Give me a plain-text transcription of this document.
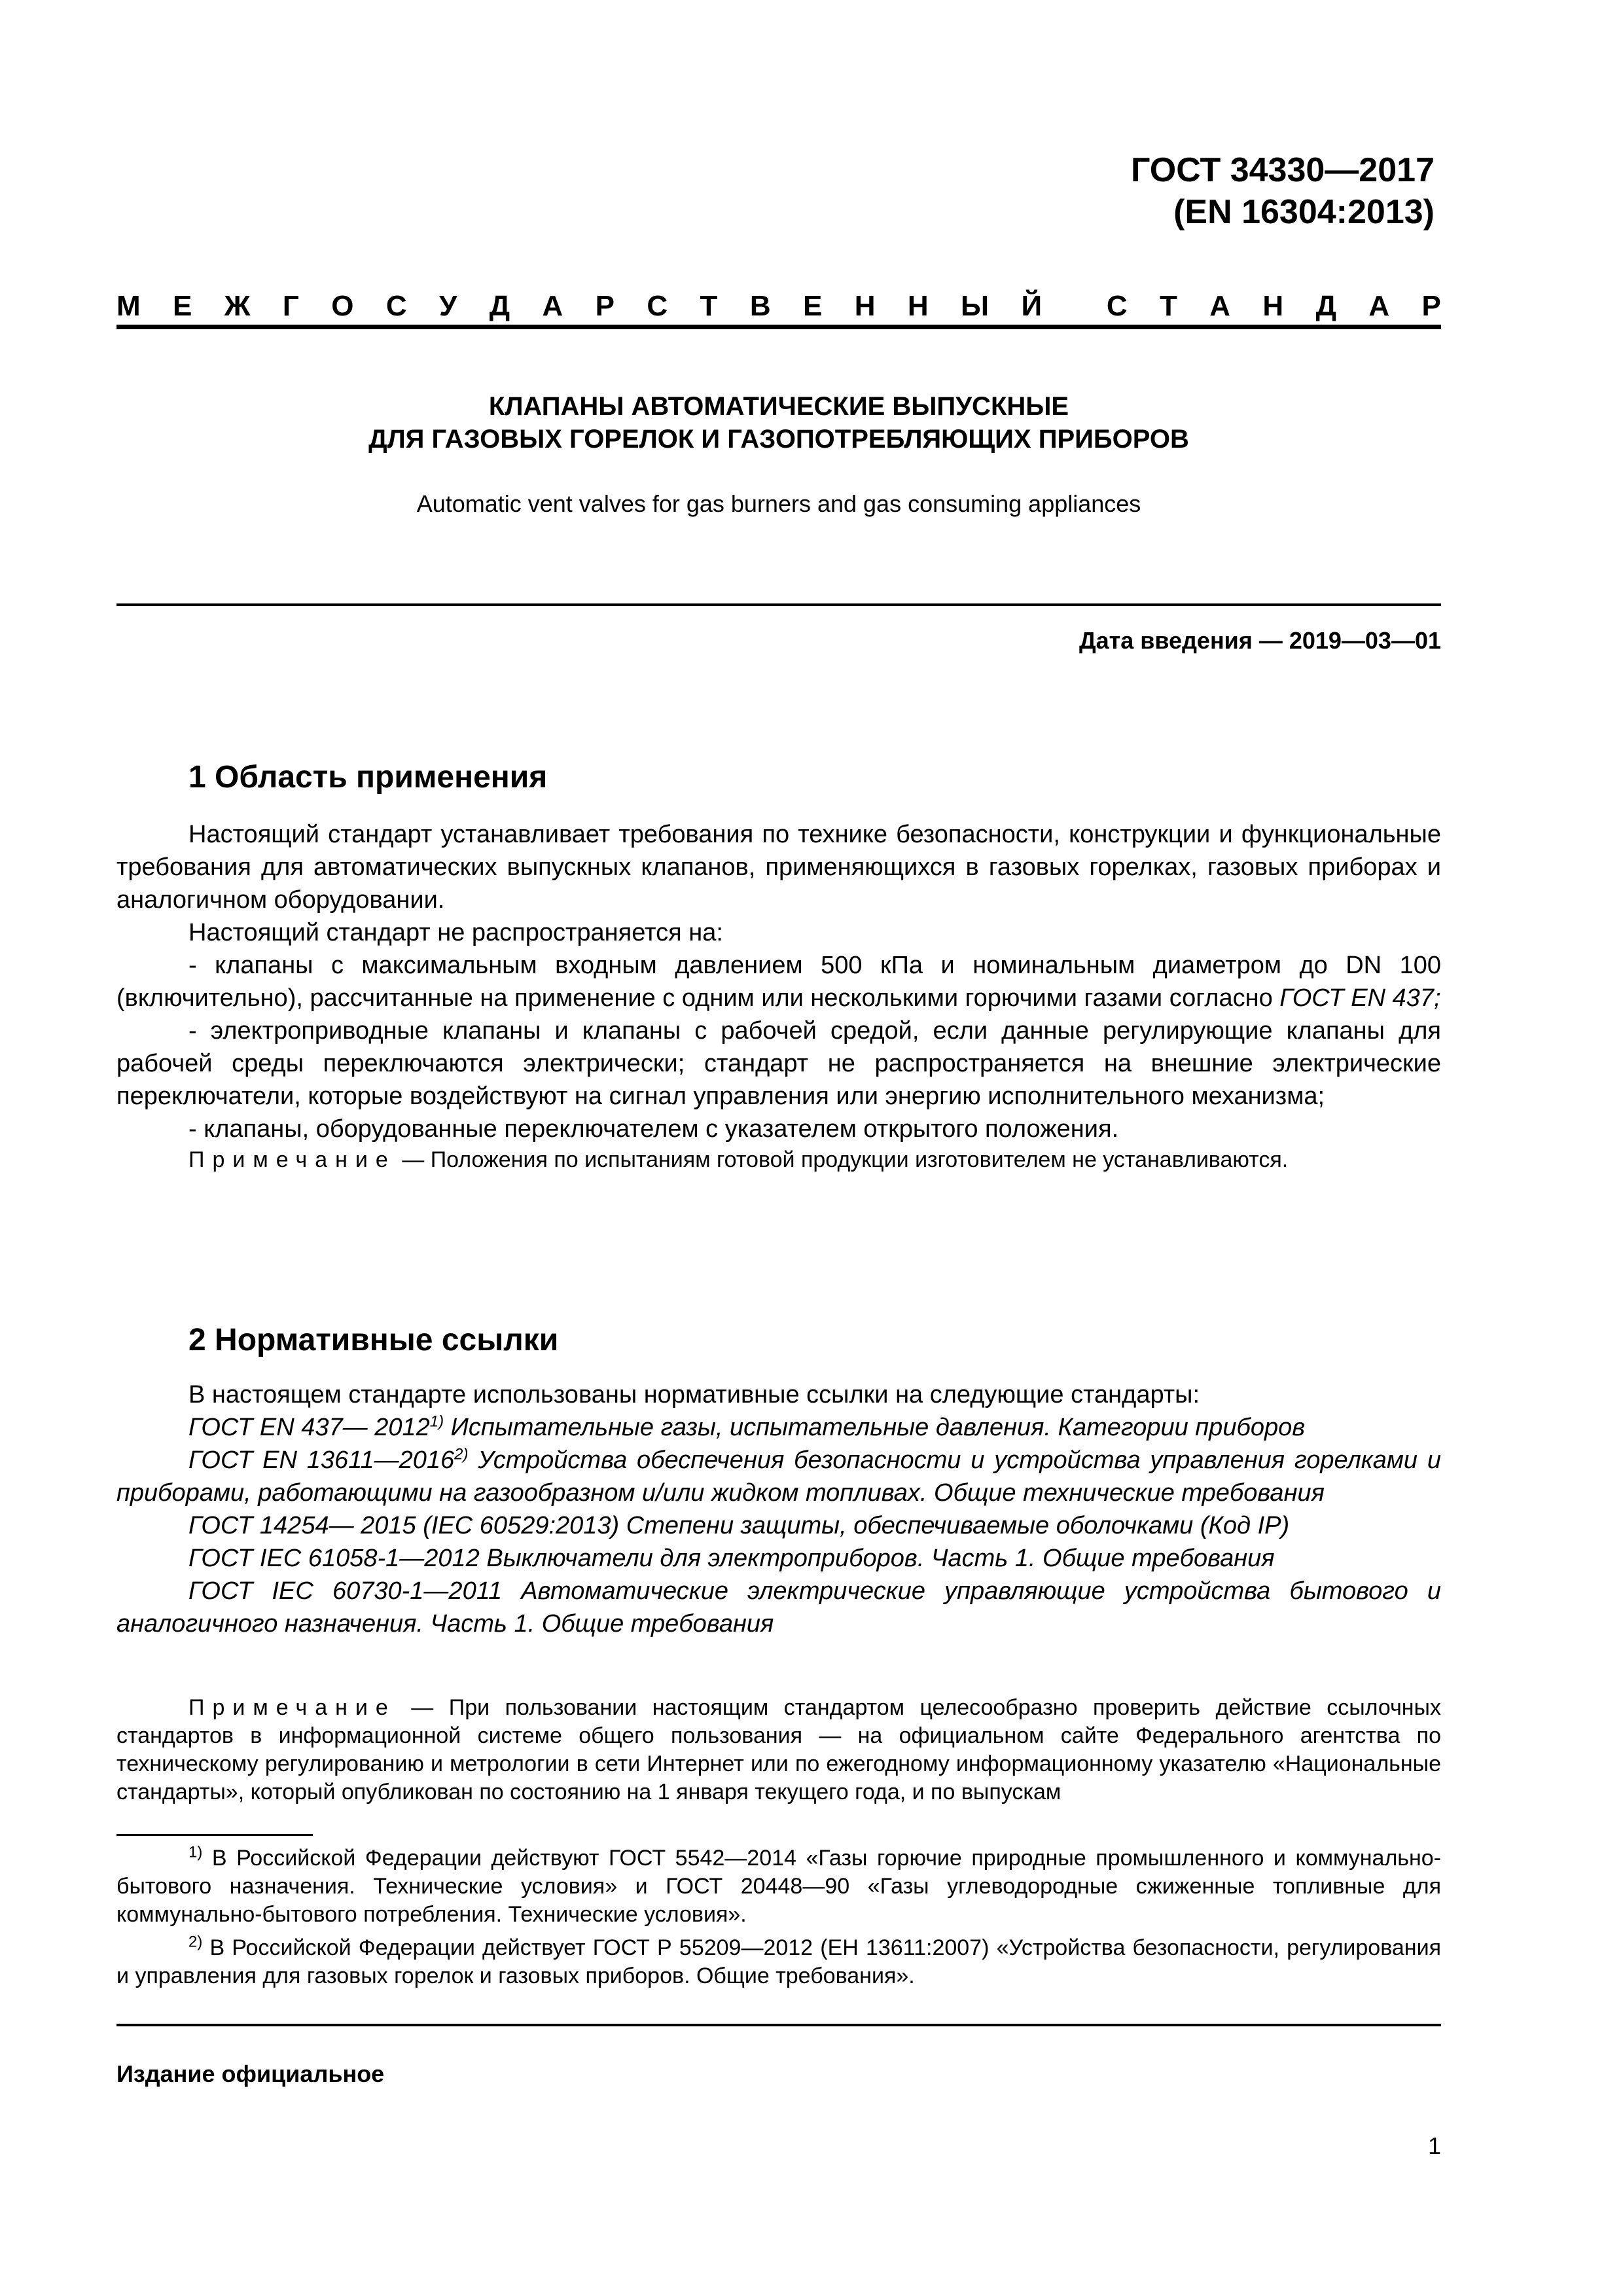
ГОСТ 34330—2017
(EN 16304:2013)
М Е Ж Г О С У Д А Р С Т В Е Н Н Ы Й С Т А Н Д А Р
КЛАПАНЫ АВТОМАТИЧЕСКИЕ ВЫПУСКНЫЕ
ДЛЯ ГАЗОВЫХ ГОРЕЛОК И ГАЗОПОТРЕБЛЯЮЩИХ ПРИБОРОВ
Automatic vent valves for gas burners and gas consuming appliances
Дата введения — 2019—03—01
1 Область применения

Настоящий стандарт устанавливает требования по технике безопасности, конструкции и функциональные требования для автоматических выпускных клапанов, применяющихся в газовых горелках, газовых приборах и аналогичном оборудовании.

Настоящий стандарт не распространяется на:

- клапаны с максимальным входным давлением 500 кПа и номинальным диаметром до DN 100 (включительно), рассчитанные на применение с одним или несколькими горючими газами согласно ГОСТ EN 437;

- электроприводные клапаны и клапаны с рабочей средой, если данные регулирующие клапаны для рабочей среды переключаются электрически; стандарт не распространяется на внешние электрические переключатели, которые воздействуют на сигнал управления или энергию исполнительного механизма;

- клапаны, оборудованные переключателем с указателем открытого положения.

Примечание — Положения по испытаниям готовой продукции изготовителем не устанавливаются.

2 Нормативные ссылки

В настоящем стандарте использованы нормативные ссылки на следующие стандарты:

ГОСТ EN 437— 2012$^{1)}$ Испытательные газы, испытательные давления. Категории приборов

ГОСТ EN 13611—2016$^{2)}$ Устройства обеспечения безопасности и устройства управления горелками и приборами, работающими на газообразном и/или жидком топливах. Общие технические требования

ГОСТ 14254— 2015 (IEC 60529:2013) Степени защиты, обеспечиваемые оболочками (Код IP)

ГОСТ IEC 61058-1—2012 Выключатели для электроприборов. Часть 1. Общие требования

ГОСТ IEC 60730-1—2011 Автоматические электрические управляющие устройства бытового и аналогичного назначения. Часть 1. Общие требования

Примечание — При пользовании настоящим стандартом целесообразно проверить действие ссылочных стандартов в информационной системе общего пользования — на официальном сайте Федерального агентства по техническому регулированию и метрологии в сети Интернет или по ежегодному информационному указателю «Национальные стандарты», который опубликован по состоянию на 1 января текущего года, и по выпускам

$^{1)}$ В Российской Федерации действуют ГОСТ 5542—2014 «Газы горючие природные промышленного и коммунально-бытового назначения. Технические условия» и ГОСТ 20448—90 «Газы углеводородные сжиженные топливные для коммунально-бытового потребления. Технические условия».

$^{2)}$ В Российской Федерации действует ГОСТ Р 55209—2012 (ЕН 13611:2007) «Устройства безопасности, регулирования и управления для газовых горелок и газовых приборов. Общие требования».

Издание официальное
1
